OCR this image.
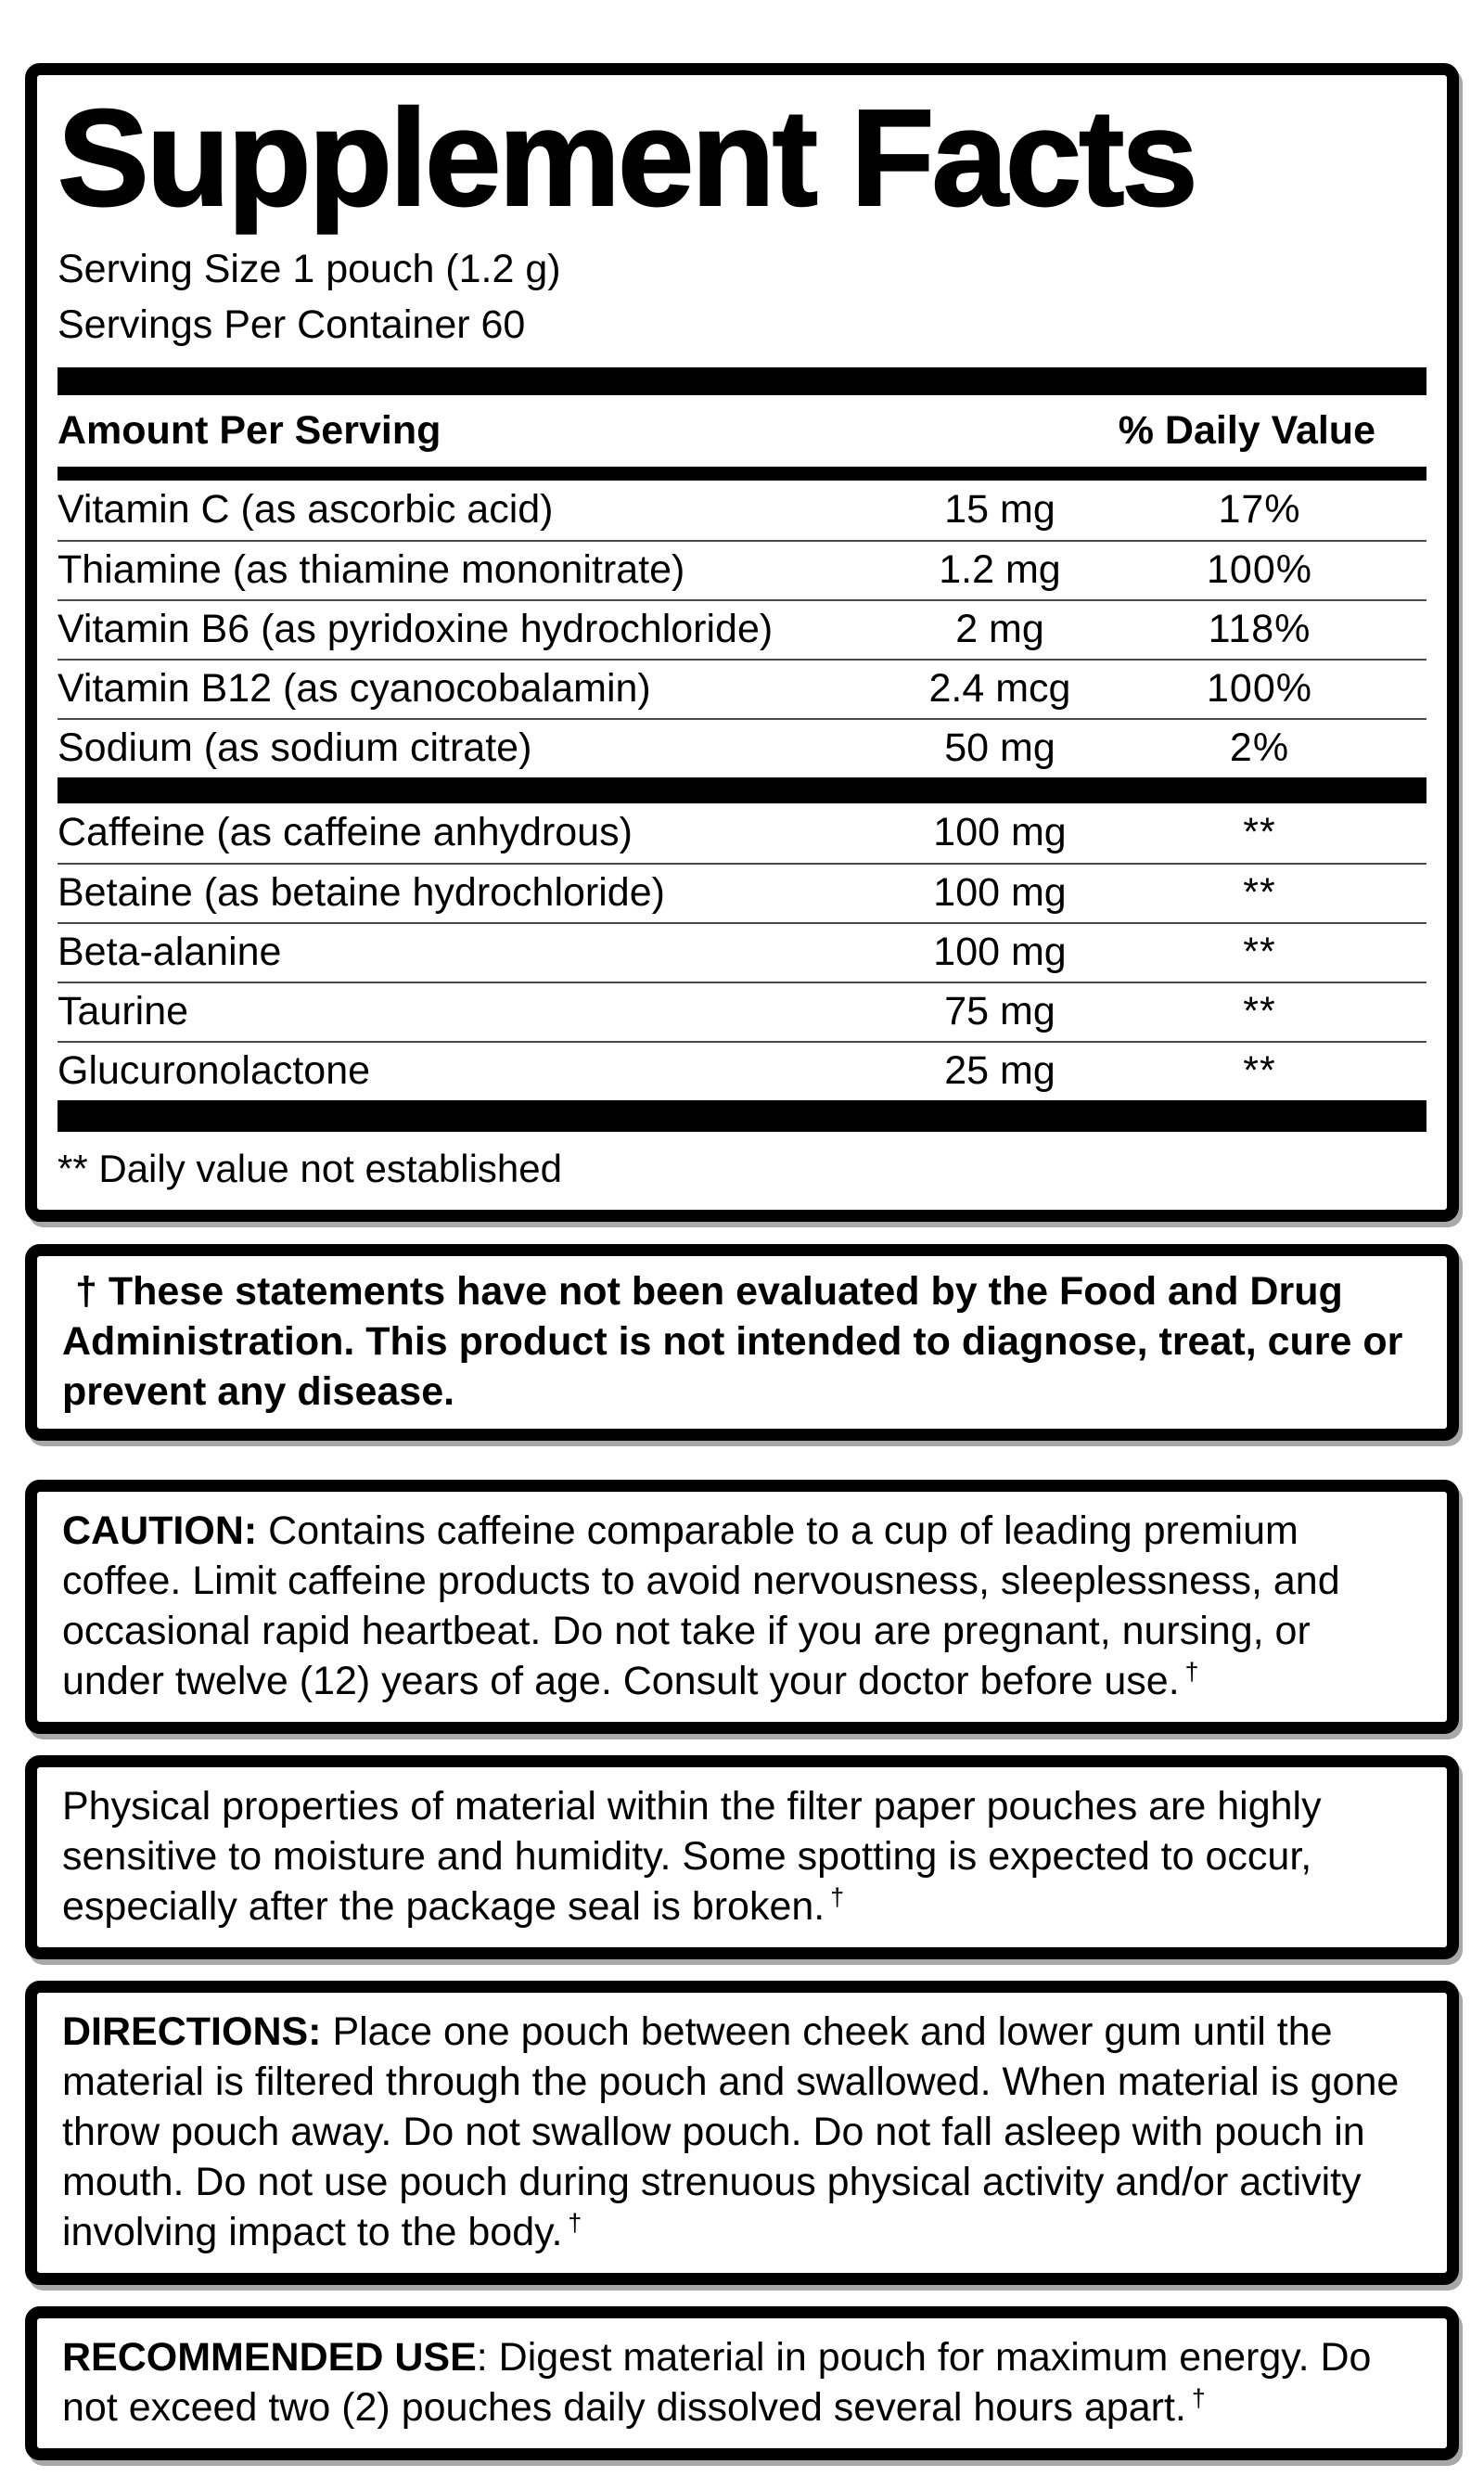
Supplement Facts
Serving Size 1 pouch (1.2 g)
Servings Per Container 60
Amount Per Serving	% Daily Value
Vitamin C (as ascorbic acid)	15 mg	17%
Thiamine (as thiamine mononitrate)	1.2 mg	100%
Vitamin B6 (as pyridoxine hydrochloride)	2 mg	118%
Vitamin B12 (as cyanocobalamin)	2.4 mcg	100%
Sodium (as sodium citrate)	50 mg	2%
Caffeine (as caffeine anhydrous)	100 mg	**
Betaine (as betaine hydrochloride)	100 mg	**
Beta-alanine	100 mg	**
Taurine	75 mg	**
Glucuronolactone	25 mg	**
** Daily value not established
† These statements have not been evaluated by the Food and Drug Administration. This product is not intended to diagnose, treat, cure or prevent any disease.
CAUTION: Contains caffeine comparable to a cup of leading premium coffee. Limit caffeine products to avoid nervousness, sleeplessness, and occasional rapid heartbeat. Do not take if you are pregnant, nursing, or under twelve (12) years of age. Consult your doctor before use. †
Physical properties of material within the filter paper pouches are highly sensitive to moisture and humidity. Some spotting is expected to occur, especially after the package seal is broken. †
DIRECTIONS: Place one pouch between cheek and lower gum until the material is filtered through the pouch and swallowed. When material is gone throw pouch away. Do not swallow pouch. Do not fall asleep with pouch in mouth. Do not use pouch during strenuous physical activity and/or activity involving impact to the body. †
RECOMMENDED USE: Digest material in pouch for maximum energy. Do not exceed two (2) pouches daily dissolved several hours apart. †
